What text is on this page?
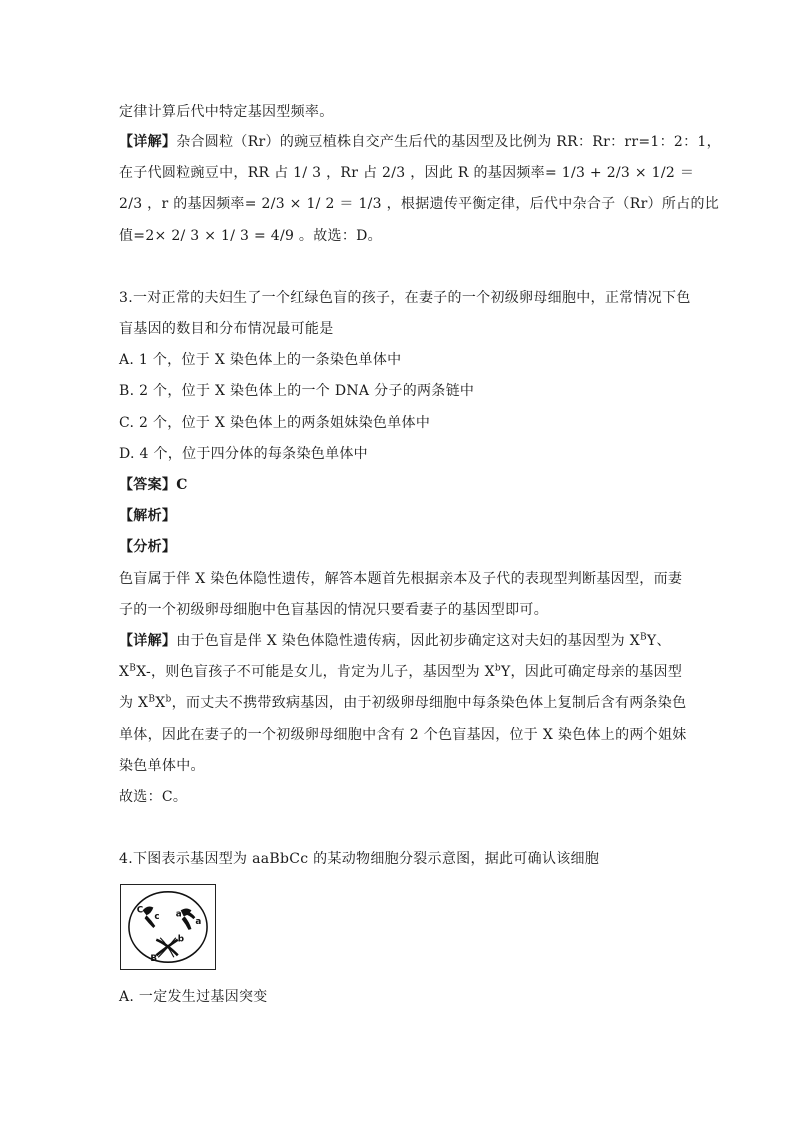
定律计算后代中特定基因型频率。
【详解】杂合圆粒（Rr）的豌豆植株自交产生后代的基因型及比例为 RR：Rr：rr=1：2：1，
在子代圆粒豌豆中，RR 占 1/ 3 ，Rr 占 2/3 ，因此 R 的基因频率= 1/3 + 2/3 × 1/2 ＝
2/3 ，r 的基因频率= 2/3 × 1/ 2 ＝ 1/3 ，根据遗传平衡定律，后代中杂合子（Rr）所占的比
值=2× 2/ 3 × 1/ 3 = 4/9 。故选：D。
3.一对正常的夫妇生了一个红绿色盲的孩子，在妻子的一个初级卵母细胞中，正常情况下色
盲基因的数目和分布情况最可能是
A. 1 个，位于 X 染色体上的一条染色单体中
B. 2 个，位于 X 染色体上的一个 DNA 分子的两条链中
C. 2 个，位于 X 染色体上的两条姐妹染色单体中
D. 4 个，位于四分体的每条染色单体中
【答案】C
【解析】
【分析】
色盲属于伴 X 染色体隐性遗传，解答本题首先根据亲本及子代的表现型判断基因型，而妻
子的一个初级卵母细胞中色盲基因的情况只要看妻子的基因型即可。
【详解】由于色盲是伴 X 染色体隐性遗传病，因此初步确定这对夫妇的基因型为 $X^BY$、
$X^BX-$，则色盲孩子不可能是女儿，肯定为儿子，基因型为 $X^bY$，因此可确定母亲的基因型
为 $X^BX^b$，而丈夫不携带致病基因，由于初级卵母细胞中每条染色体上复制后含有两条染色
单体，因此在妻子的一个初级卵母细胞中含有 2 个色盲基因，位于 X 染色体上的两个姐妹
染色单体中。
故选：C。
4.下图表示基因型为 aaBbCc 的某动物细胞分裂示意图，据此可确认该细胞
C
c a
a
b
B
A. 一定发生过基因突变
